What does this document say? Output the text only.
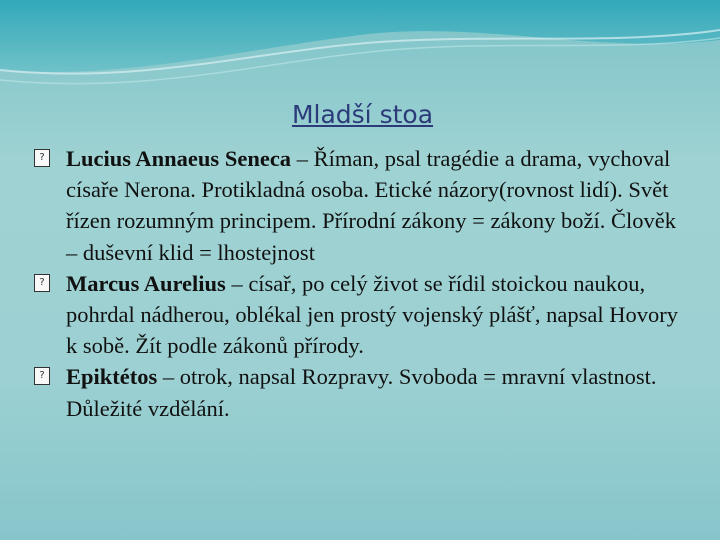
Mladší stoa
? Lucius Annaeus Seneca – Říman, psal tragédie a drama, vychoval císaře Nerona. Protikladná osoba. Etické názory(rovnost lidí). Svět řízen rozumným principem. Přírodní zákony = zákony boží. Člověk – duševní klid = lhostejnost
? Marcus Aurelius – císař, po celý život se řídil stoickou naukou, pohrdal nádherou, oblékal jen prostý vojenský plášť, napsal Hovory k sobě. Žít podle zákonů přírody.
? Epiktétos – otrok, napsal Rozpravy. Svoboda = mravní vlastnost. Důležité vzdělání.
